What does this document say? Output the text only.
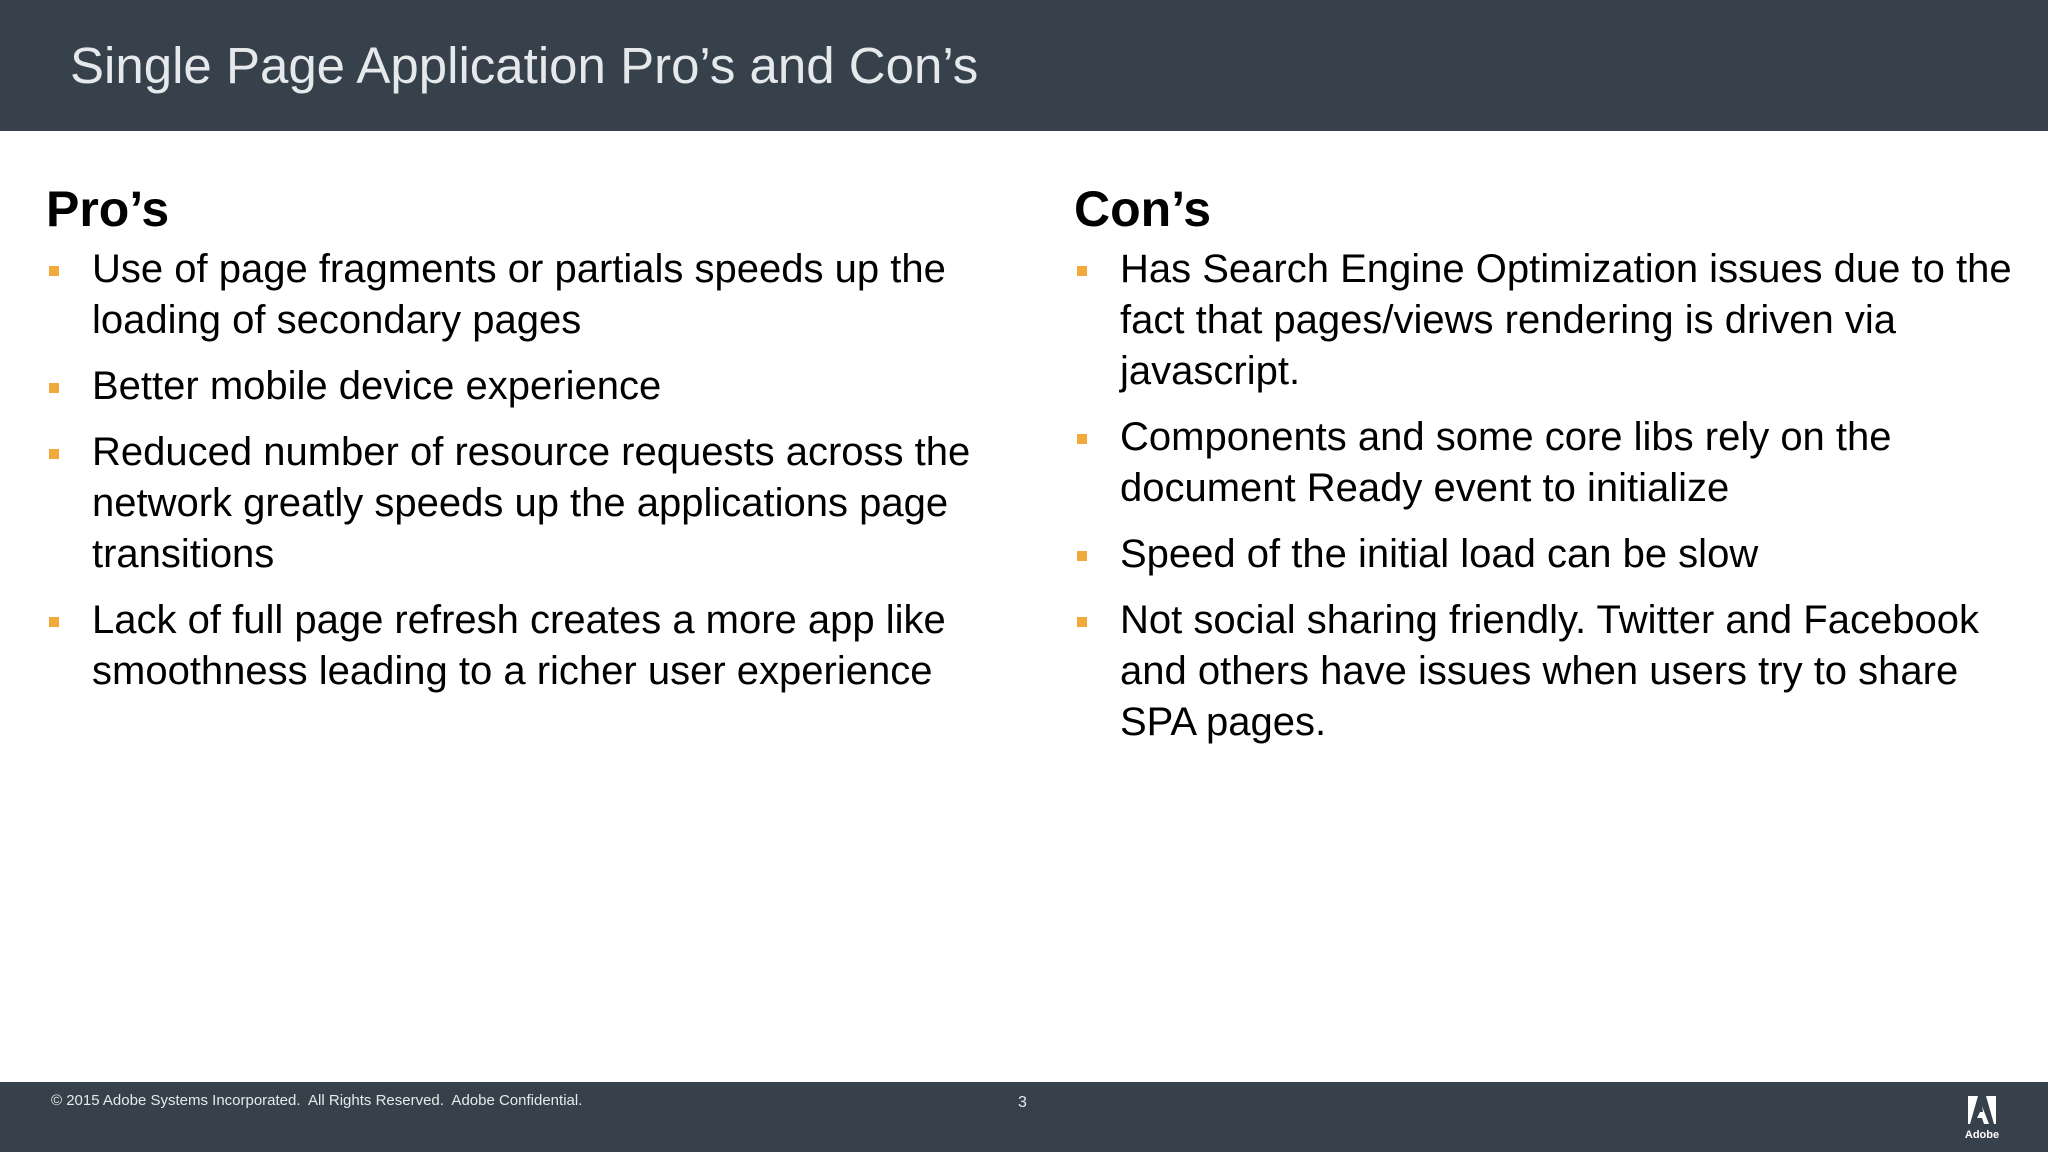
Single Page Application Pro’s and Con’s
Pro’s
Use of page fragments or partials speeds up the loading of secondary pages
Better mobile device experience
Reduced number of resource requests across the network greatly speeds up the applications page transitions
Lack of full page refresh creates a more app like smoothness leading to a richer user experience
Con’s
Has Search Engine Optimization issues due to the fact that pages/views rendering is driven via javascript.
Components and some core libs rely on the document Ready event to initialize
Speed of the initial load can be slow
Not social sharing friendly. Twitter and Facebook and others have issues when users try to share SPA pages.
© 2015 Adobe Systems Incorporated.  All Rights Reserved.  Adobe Confidential.	3
Adobe
